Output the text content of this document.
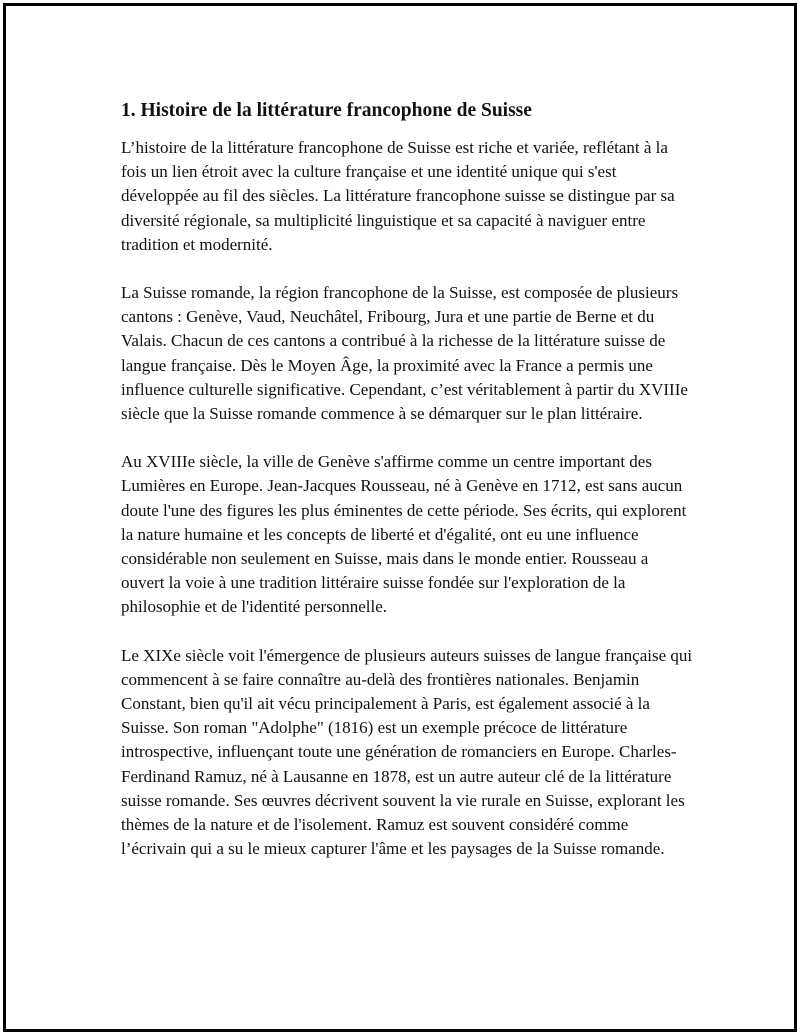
1. Histoire de la littérature francophone de Suisse

L’histoire de la littérature francophone de Suisse est riche et variée, reflétant à la fois un lien étroit avec la culture française et une identité unique qui s'est développée au fil des siècles. La littérature francophone suisse se distingue par sa diversité régionale, sa multiplicité linguistique et sa capacité à naviguer entre tradition et modernité.

La Suisse romande, la région francophone de la Suisse, est composée de plusieurs cantons : Genève, Vaud, Neuchâtel, Fribourg, Jura et une partie de Berne et du Valais. Chacun de ces cantons a contribué à la richesse de la littérature suisse de langue française. Dès le Moyen Âge, la proximité avec la France a permis une influence culturelle significative. Cependant, c’est véritablement à partir du XVIIIe siècle que la Suisse romande commence à se démarquer sur le plan littéraire.

Au XVIIIe siècle, la ville de Genève s'affirme comme un centre important des Lumières en Europe. Jean-Jacques Rousseau, né à Genève en 1712, est sans aucun doute l'une des figures les plus éminentes de cette période. Ses écrits, qui explorent la nature humaine et les concepts de liberté et d'égalité, ont eu une influence considérable non seulement en Suisse, mais dans le monde entier. Rousseau a ouvert la voie à une tradition littéraire suisse fondée sur l'exploration de la philosophie et de l'identité personnelle.

Le XIXe siècle voit l'émergence de plusieurs auteurs suisses de langue française qui commencent à se faire connaître au-delà des frontières nationales. Benjamin Constant, bien qu'il ait vécu principalement à Paris, est également associé à la Suisse. Son roman "Adolphe" (1816) est un exemple précoce de littérature introspective, influençant toute une génération de romanciers en Europe. Charles-Ferdinand Ramuz, né à Lausanne en 1878, est un autre auteur clé de la littérature suisse romande. Ses œuvres décrivent souvent la vie rurale en Suisse, explorant les thèmes de la nature et de l'isolement. Ramuz est souvent considéré comme l’écrivain qui a su le mieux capturer l'âme et les paysages de la Suisse romande.
